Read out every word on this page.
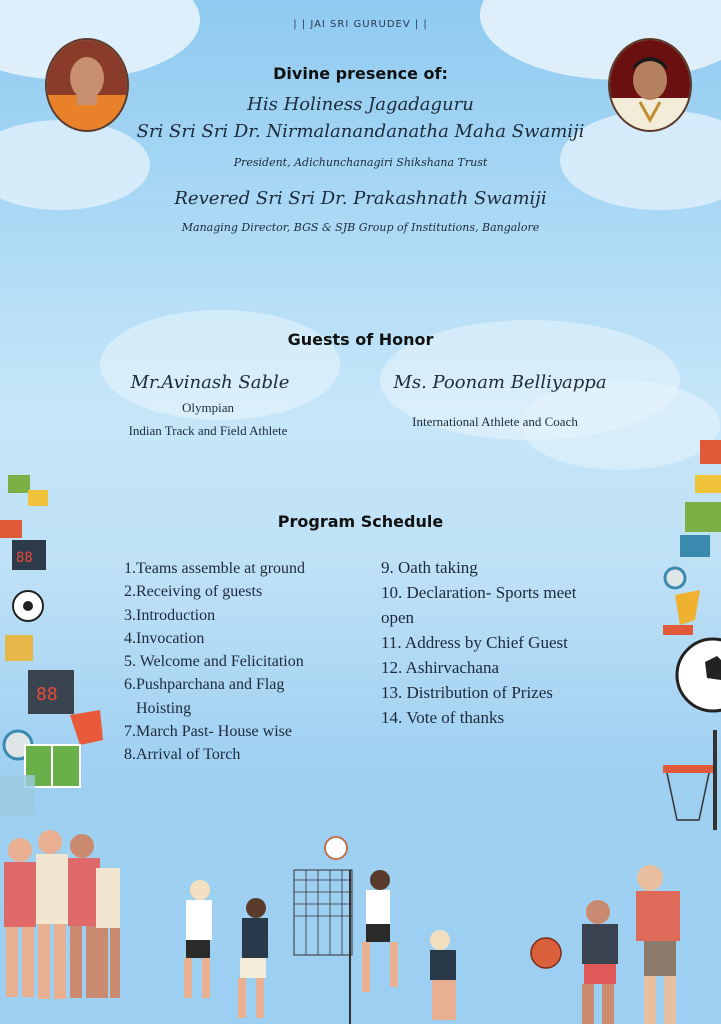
| | JAI SRI GURUDEV | |
Divine presence of:
His Holiness Jagadaguru
Sri Sri Sri Dr. Nirmalanandanatha Maha Swamiji
President, Adichunchanagiri Shikshana Trust
Revered Sri Sri Dr. Prakashnath Swamiji
Managing Director, BGS & SJB Group of Institutions, Bangalore
Guests of Honor
Mr.Avinash Sable
Olympian
Indian Track and Field Athlete
Ms. Poonam Belliyappa
International Athlete and Coach
Program Schedule
1.Teams assemble at ground
2.Receiving of guests
3.Introduction
4.Invocation
5. Welcome and Felicitation
6.Pushparchana and Flag
Hoisting
7.March Past- House wise
8.Arrival of Torch
9. Oath taking
10. Declaration- Sports meet
open
11. Address by Chief Guest
12. Ashirvachana
13. Distribution of Prizes
14. Vote of thanks
88
88
